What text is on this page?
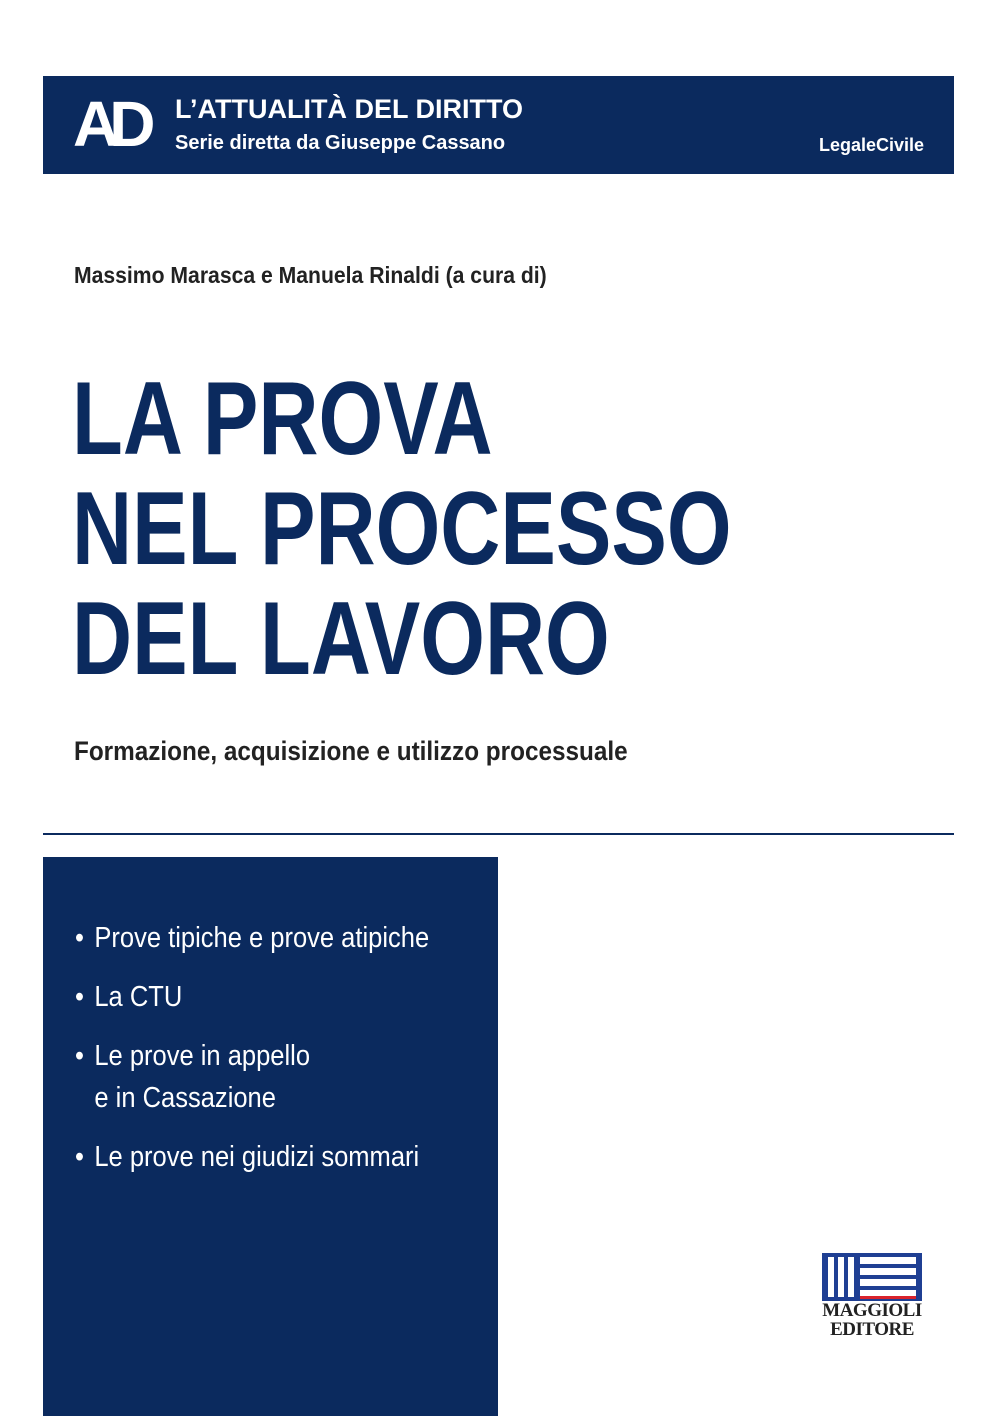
AD L’ATTUALITÀ DEL DIRITTO
Serie diretta da Giuseppe Cassano	LegaleCivile
Massimo Marasca e Manuela Rinaldi (a cura di)
LA PROVA
NEL PROCESSO
DEL LAVORO
Formazione, acquisizione e utilizzo processuale
• Prove tipiche e prove atipiche
• La CTU
• Le prove in appello
e in Cassazione
• Le prove nei giudizi sommari
MAGGIOLI
EDITORE
